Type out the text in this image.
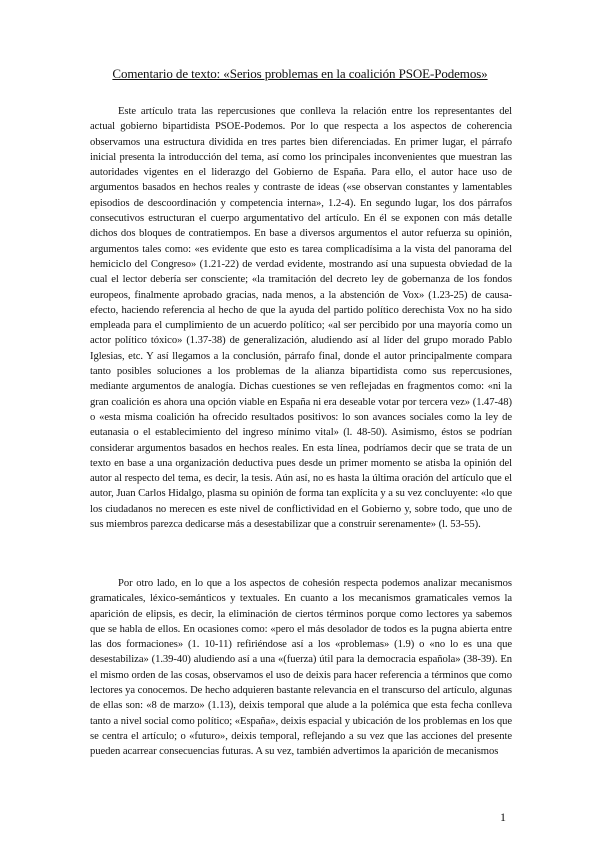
Comentario de texto: «Serios problemas en la coalición PSOE-Podemos»

Este artículo trata las repercusiones que conlleva la relación entre los representantes del actual gobierno bipartidista PSOE-Podemos. Por lo que respecta a los aspectos de coherencia observamos una estructura dividida en tres partes bien diferenciadas. En primer lugar, el párrafo inicial presenta la introducción del tema, así como los principales inconvenientes que muestran las autoridades vigentes en el liderazgo del Gobierno de España. Para ello, el autor hace uso de argumentos basados en hechos reales y contraste de ideas («se observan constantes y lamentables episodios de descoordinación y competencia interna», 1.2-4). En segundo lugar, los dos párrafos consecutivos estructuran el cuerpo argumentativo del artículo. En él se exponen con más detalle dichos dos bloques de contratiempos. En base a diversos argumentos el autor refuerza su opinión, argumentos tales como: «es evidente que esto es tarea complicadísima a la vista del panorama del hemiciclo del Congreso» (1.21-22) de verdad evidente, mostrando así una supuesta obviedad de la cual el lector debería ser consciente; «la tramitación del decreto ley de gobernanza de los fondos europeos, finalmente aprobado gracias, nada menos, a la abstención de Vox» (1.23-25) de causa-efecto, haciendo referencia al hecho de que la ayuda del partido político derechista Vox no ha sido empleada para el cumplimiento de un acuerdo político; «al ser percibido por una mayoría como un actor político tóxico» (1.37-38) de generalización, aludiendo así al líder del grupo morado Pablo Iglesias, etc. Y así llegamos a la conclusión, párrafo final, donde el autor principalmente compara tanto posibles soluciones a los problemas de la alianza bipartidista como sus repercusiones, mediante argumentos de analogía. Dichas cuestiones se ven reflejadas en fragmentos como: «ni la gran coalición es ahora una opción viable en España ni era deseable votar por tercera vez» (1.47-48) o «esta misma coalición ha ofrecido resultados positivos: lo son avances sociales como la ley de eutanasia o el establecimiento del ingreso mínimo vital» (l. 48-50). Asimismo, éstos se podrían considerar argumentos basados en hechos reales. En esta línea, podríamos decir que se trata de un texto en base a una organización deductiva pues desde un primer momento se atisba la opinión del autor al respecto del tema, es decir, la tesis. Aún así, no es hasta la última oración del artículo que el autor, Juan Carlos Hidalgo, plasma su opinión de forma tan explícita y a su vez concluyente: «lo que los ciudadanos no merecen es este nivel de conflictividad en el Gobierno y, sobre todo, que uno de sus miembros parezca dedicarse más a desestabilizar que a construir serenamente» (l. 53-55).

Por otro lado, en lo que a los aspectos de cohesión respecta podemos analizar mecanismos gramaticales, léxico-semánticos y textuales. En cuanto a los mecanismos gramaticales vemos la aparición de elipsis, es decir, la eliminación de ciertos términos porque como lectores ya sabemos que se habla de ellos. En ocasiones como: «pero el más desolador de todos es la pugna abierta entre las dos formaciones» (1. 10-11) refiriéndose así a los «problemas» (1.9) o «no lo es una que desestabiliza» (1.39-40) aludiendo así a una «(fuerza) útil para la democracia española» (38-39). En el mismo orden de las cosas, observamos el uso de deixis para hacer referencia a términos que como lectores ya conocemos. De hecho adquieren bastante relevancia en el transcurso del artículo, algunas de ellas son: «8 de marzo» (1.13), deixis temporal que alude a la polémica que esta fecha conlleva tanto a nivel social como político; «España», deixis espacial y ubicación de los problemas en los que se centra el artículo; o «futuro», deixis temporal, reflejando a su vez que las acciones del presente pueden acarrear consecuencias futuras. A su vez, también advertimos la aparición de mecanismos

1
